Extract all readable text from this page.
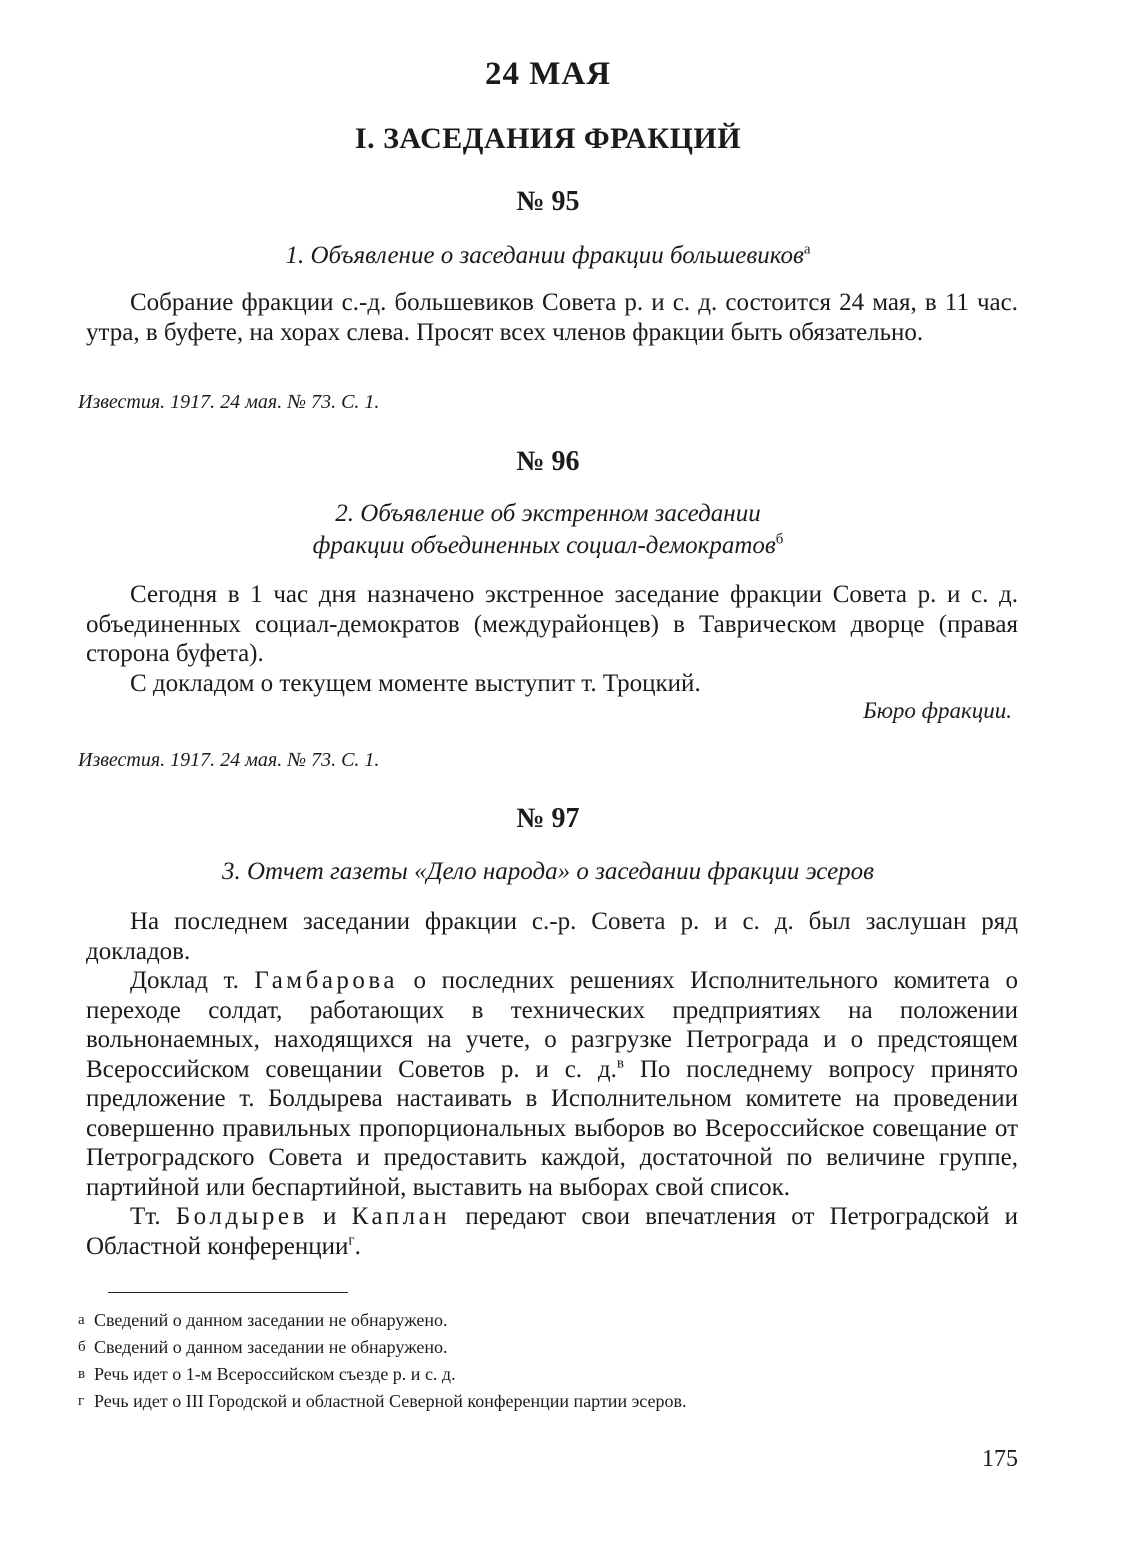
24 МАЯ
I. ЗАСЕДАНИЯ ФРАКЦИЙ
№ 95
1. Объявление о заседании фракции большевиков$^а$

Собрание фракции с.-д. большевиков Совета р. и с. д. состоится 24 мая, в 11 час. утра, в буфете, на хорах слева. Просят всех членов фракции быть обязательно.

Известия. 1917. 24 мая. № 73. С. 1.
№ 96
2. Объявление об экстренном заседании
фракции объединенных социал-демократов$^б$

Сегодня в 1 час дня назначено экстренное заседание фракции Совета р. и с. д. объединенных социал-демократов (междурайонцев) в Таврическом дворце (правая сторона буфета).

С докладом о текущем моменте выступит т. Троцкий.

Бюро фракции.
Известия. 1917. 24 мая. № 73. С. 1.
№ 97
3. Отчет газеты «Дело народа» о заседании фракции эсеров

На последнем заседании фракции с.-р. Совета р. и с. д. был заслушан ряд докладов.

Доклад т. Гамбарова о последних решениях Исполнительного комитета о переходе солдат, работающих в технических предприятиях на положении вольнонаемных, находящихся на учете, о разгрузке Петрограда и о предстоящем Всероссийском совещании Советов р. и с. д.$^в$ По последнему вопросу принято предложение т. Болдырева настаивать в Исполнительном комитете на проведении совершенно правильных пропорциональных выборов во Всероссийское совещание от Петроградского Совета и предоставить каждой, достаточной по величине группе, партийной или беспартийной, выставить на выборах свой список.

Тт. Болдырев и Каплан передают свои впечатления от Петроградской и Областной конференции$^г$.

а Сведений о данном заседании не обнаружено.
б Сведений о данном заседании не обнаружено.
в Речь идет о 1-м Всероссийском съезде р. и с. д.
г Речь идет о III Городской и областной Северной конференции партии эсеров.
175
